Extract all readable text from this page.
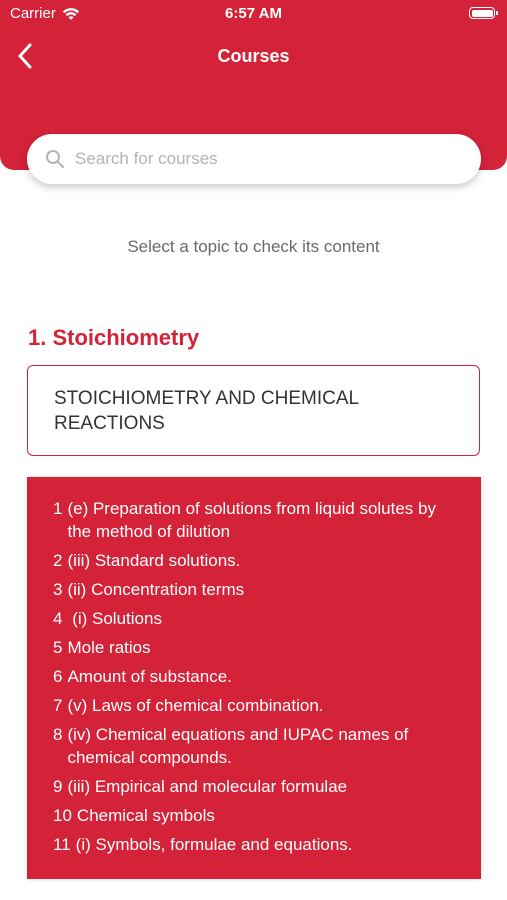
Carrier	6:57 AM
Courses
Search for courses
Select a topic to check its content
1. Stoichiometry
STOICHIOMETRY AND CHEMICAL REACTIONS
1 (e) Preparation of solutions from liquid solutes by the method of dilution
2 (iii) Standard solutions.
3 (ii) Concentration terms
4 (i) Solutions
5 Mole ratios
6 Amount of substance.
7 (v) Laws of chemical combination.
8 (iv) Chemical equations and IUPAC names of chemical compounds.
9 (iii) Empirical and molecular formulae
10 Chemical symbols
11 (i) Symbols, formulae and equations.
